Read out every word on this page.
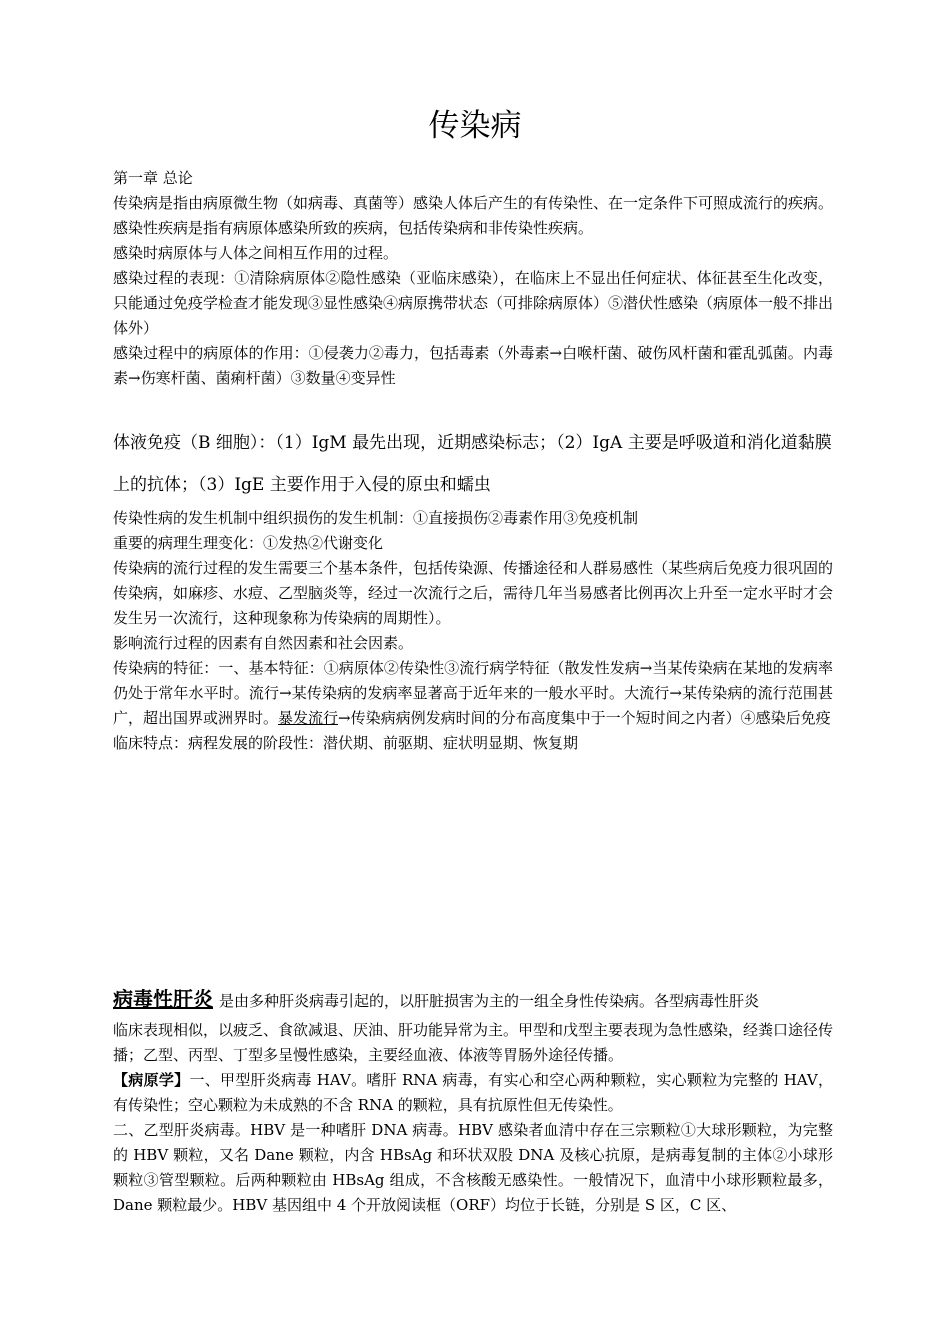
传染病

第一章 总论

传染病是指由病原微生物（如病毒、真菌等）感染人体后产生的有传染性、在一定条件下可照成流行的疾病。感染性疾病是指有病原体感染所致的疾病，包括传染病和非传染性疾病。

感染时病原体与人体之间相互作用的过程。

感染过程的表现：①清除病原体②隐性感染（亚临床感染），在临床上不显出任何症状、体征甚至生化改变，只能通过免疫学检查才能发现③显性感染④病原携带状态（可排除病原体）⑤潜伏性感染（病原体一般不排出体外）

感染过程中的病原体的作用：①侵袭力②毒力，包括毒素（外毒素→白喉杆菌、破伤风杆菌和霍乱弧菌。内毒素→伤寒杆菌、菌痢杆菌）③数量④变异性

体液免疫（B 细胞）：（1）IgM 最先出现，近期感染标志；（2）IgA 主要是呼吸道和消化道黏膜上的抗体；（3）IgE 主要作用于入侵的原虫和蠕虫

传染性病的发生机制中组织损伤的发生机制：①直接损伤②毒素作用③免疫机制

重要的病理生理变化：①发热②代谢变化

传染病的流行过程的发生需要三个基本条件，包括传染源、传播途径和人群易感性（某些病后免疫力很巩固的传染病，如麻疹、水痘、乙型脑炎等，经过一次流行之后，需待几年当易感者比例再次上升至一定水平时才会发生另一次流行，这种现象称为传染病的周期性）。

影响流行过程的因素有自然因素和社会因素。

传染病的特征：一、基本特征：①病原体②传染性③流行病学特征（散发性发病→当某传染病在某地的发病率仍处于常年水平时。流行→某传染病的发病率显著高于近年来的一般水平时。大流行→某传染病的流行范围甚广，超出国界或洲界时。暴发流行→传染病病例发病时间的分布高度集中于一个短时间之内者）④感染后免疫

临床特点：病程发展的阶段性：潜伏期、前驱期、症状明显期、恢复期

病毒性肝炎 是由多种肝炎病毒引起的，以肝脏损害为主的一组全身性传染病。各型病毒性肝炎

临床表现相似，以疲乏、食欲减退、厌油、肝功能异常为主。甲型和戊型主要表现为急性感染，经粪口途径传播；乙型、丙型、丁型多呈慢性感染，主要经血液、体液等胃肠外途径传播。

【病原学】一、甲型肝炎病毒 HAV。嗜肝 RNA 病毒，有实心和空心两种颗粒，实心颗粒为完整的 HAV，有传染性；空心颗粒为未成熟的不含 RNA 的颗粒，具有抗原性但无传染性。

二、乙型肝炎病毒。HBV 是一种嗜肝 DNA 病毒。HBV 感染者血清中存在三宗颗粒①大球形颗粒，为完整的 HBV 颗粒，又名 Dane 颗粒，内含 HBsAg 和环状双股 DNA 及核心抗原，是病毒复制的主体②小球形颗粒③管型颗粒。后两种颗粒由 HBsAg 组成，不含核酸无感染性。一般情况下，血清中小球形颗粒最多，Dane 颗粒最少。HBV 基因组中 4 个开放阅读框（ORF）均位于长链，分别是 S 区，C 区、
